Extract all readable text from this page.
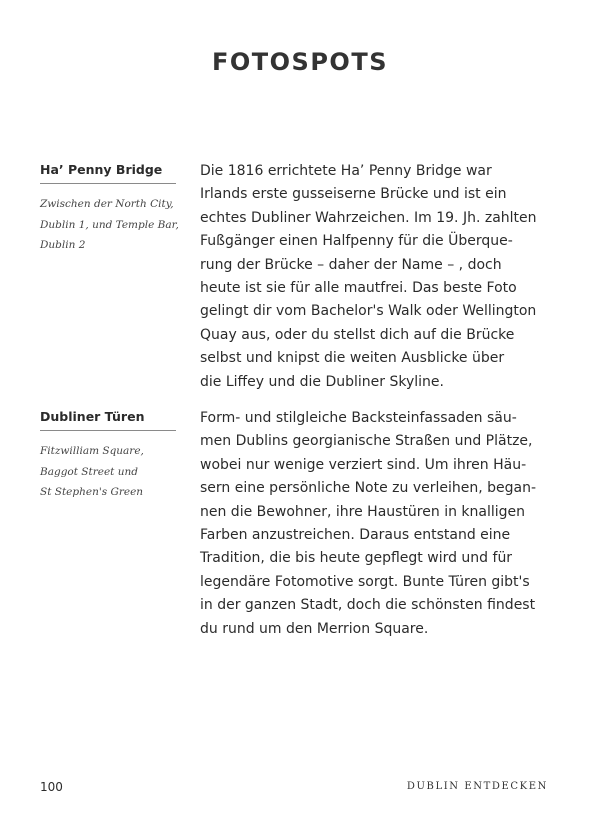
FOTOSPOTS
Ha’ Penny Bridge
Zwischen der North City,
Dublin 1, und Temple Bar,
Dublin 2
Die 1816 errichtete Ha’ Penny Bridge war
Irlands erste gusseiserne Brücke und ist ein
echtes Dubliner Wahrzeichen. Im 19. Jh. zahlten
Fußgänger einen Halfpenny für die Überque-
rung der Brücke – daher der Name – , doch
heute ist sie für alle mautfrei. Das beste Foto
gelingt dir vom Bachelor's Walk oder Wellington
Quay aus, oder du stellst dich auf die Brücke
selbst und knipst die weiten Ausblicke über
die Liffey und die Dubliner Skyline.
Dubliner Türen
Fitzwilliam Square,
Baggot Street und
St Stephen's Green
Form- und stilgleiche Backsteinfassaden säu-
men Dublins georgianische Straßen und Plätze,
wobei nur wenige verziert sind. Um ihren Häu-
sern eine persönliche Note zu verleihen, began-
nen die Bewohner, ihre Haustüren in knalligen
Farben anzustreichen. Daraus entstand eine
Tradition, die bis heute gepflegt wird und für
legendäre Fotomotive sorgt. Bunte Türen gibt's
in der ganzen Stadt, doch die schönsten findest
du rund um den Merrion Square.
100	DUBLIN ENTDECKEN
